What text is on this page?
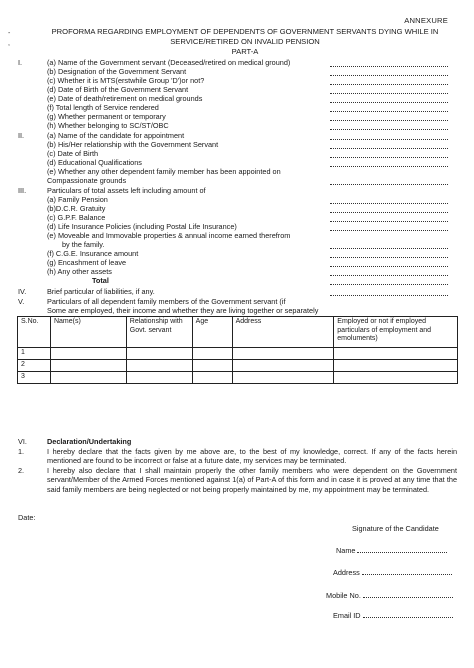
-
,
ANNEXURE
PROFORMA REGARDING EMPLOYMENT OF DEPENDENTS OF GOVERNMENT SERVANTS DYING WHILE IN
SERVICE/RETIRED ON INVALID PENSION
PART-A
I.	(a) Name of the Government servant (Deceased/retired on medical ground)
(b) Designation of the Government Servant
(c) Whether it is MTS(erstwhile Group 'D')or not?
(d) Date of Birth of the Government Servant
(e) Date of death/retirement on medical grounds
(f) Total length of Service rendered
(g) Whether permanent or temporary
(h) Whether belonging to SC/ST/OBC
II.	(a) Name of the candidate for appointment
(b) His/Her relationship with the Government Servant
(c) Date of Birth
(d) Educational Qualifications
(e) Whether any other dependent family member has been appointed on
Compassionate grounds
III.	Particulars of total assets left including amount of
(a) Family Pension
(b)D.C.R. Gratuity
(c) G.P.F. Balance
(d) Life Insurance Policies (including Postal Life Insurance)
(e) Moveable and Immovable properties & annual income earned therefrom
by the family.
(f) C.G.E. Insurance amount
(g) Encashment of leave
(h) Any other assets
Total
IV.	Brief particular of liabilities, if any.
V.	Particulars of all dependent family members of the Government servant (if
Some are employed, their income and whether they are living together or separately
S.No.	Name(s)	Relationship with Govt. servant	Age	Address	Employed or not if employed particulars of employment and emoluments)
1					
2					
3					
VI.	Declaration/Undertaking
1.	I hereby declare that the facts given by me above are, to the best of my knowledge, correct. If any of the facts herein mentioned are found to be incorrect or false at a future date, my services may be terminated.
2.	I hereby also declare that I shall maintain properly the other family members who were dependent on the Government servant/Member of the Armed Forces mentioned against 1(a) of Part-A of this form and in case it is proved at any time that the said family members are being neglected or not being properly maintained by me, my appointment may be terminated.
Date:
Signature of the Candidate
Name
Address
Mobile No.
Email ID
